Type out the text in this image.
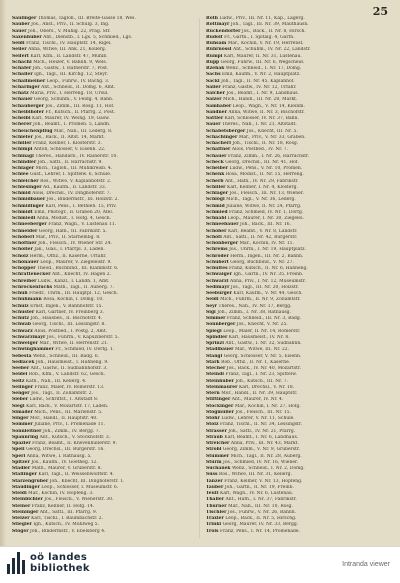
25
Saulinger Thomas, Taglöh., III. Breite-Gasse 18, Wes.
Sauber Jos., Anst., Priv., II. Schulg. 3, Ing.
Sauer Joh., Obers., V. Mühlg. 22, Prag. Str.
Saxenhuber Ant., Dienstb., I. Lgs. 5, Schmied., Lgs.
Seidl Franz, Tischl., IV. Hauptstr. 14, Rigel.
Seiler Anna, Witwe, III. Ank. 21, Kollerg.
Seifert Karl, Kfm., II. Landstr. 47, Mühlb.
Schachl Mich., Heizer, V. Bahnh. 9, Wels.
Schäfer Joh., Gastw., I. Hafnerstr. 7, Post.
Schaller Ign., Tagl., III. Kirchg. 12, Steyr.
Schallmeiner Leop., Fuhrw., IV. Bachg. 3.
Scharinger Ant., Schneid., II. Domg. 6, Amt.
Schatz Maria, Priv., I. Herreng. 18, Ursul.
Schauer Georg, Schuhm., V. Feldg. 4, Bahn.
Schauberger Jos., Zimm., III. Rosg. 11, Hof.
Scheiblhofer Fr., Kutsch., II. Pfarrg. 2, Post.
Scheibl Karl, Maurer, IV. Weing. 19, Gasw.
Scherer Joh., Beamt., I. Promen. 5, Landh.
Scheuchenpflug Mar., Näh., III. Lederg. 8.
Schiefer Jos., Bäck., II. Altst. 14, Markt.
Schiller Franz, Kellner, I. Klosterstr. 3.
Schimpl Anton, Schlosser, V. Eisenh. 22.
Schinagl Theres., Handarb., IV. Rainerstr. 10.
Schindler Joh., Sattl., II. Harrachstr. 9.
Schlager Mich., Taglöh., III. Mühlkreisb. 4.
Schlee Gust., Lehrer, I. Spittelw. 6, Schule.
Schleicher Ros., Witwe, V. Kaplanhofstr. 2.
Schlesinger Ad., Kaufm., II. Landstr. 33.
Schmid Alois, Drechsl., IV. Dinghoferstr. 7.
Schmidbauer Jos., Bindermstr., III. Holzstr. 2.
Schmidinger Karl, Pens., I. Bethleh. 15, Priv.
Schmidt Emil, Photogr., II. Graben 20, Atel.
Schmiedl Anna, Modist., I. Hofg. 4, Gesch.
Schneeberger Franz, Wagn., V. Lustenau 11.
Schneider Georg, Hafn., III. Fabrikstr. 5.
Schöberl Mar., Priv., II. Starhembg. 8.
Schöftner Joh., Fleisch., IV. Wiener Str. 24.
Schöller Jak., Glas., I. Pfarrpl. 3, Laden.
Scholz Herm., Offiz., II. Kaserne, Urfahr.
Schönauer Leop., Maurer, V. Ziegeleistr. 9.
Schopper Theod., Buchbind., III. Klammstr. 6.
Schrattenecker Ant., Knecht, IV. Hagen 2.
Schreiber Ludw., Kanzl., I. Landh. 1, Amt.
Schröckenfuchs Math., Tagl., II. Auberg. 7.
Schuh Friedr., Uhrm., III. Hauptpl. 12, Gesch.
Schuhmann Rosa, Köchin, I. Domg. 10.
Schulz Ernst, Ingen., V. Bahnhofstr. 15.
Schuster Karl, Gärtner, IV. Freinberg 3.
Schütz Joh., Hausbes., II. Bischofstr. 4.
Schwab Georg, Tischl., III. Lessingstr. 8.
Schwarz Alois, Postbed., I. Postg. 2, Amt.
Schwarzmayr Jos., Fuhrm., V. Kapuzinerstr. 5.
Schweiger Mar., Witwe, II. Herrenstr. 21.
Schwinghammer Fr., Schmied, IV. Dorfg. 1.
Sebesta Wenz., Schneid., III. Badg. 6.
Sedlacek Joh., Hausmeist., I. Hahneng. 9.
Seeber Ant., Gastw., II. Südbahnhofstr. 3.
Seidel Rob., Kfm., V. Landstr. 62, Gesch.
Seitz Kath., Näh., III. Kellerg. 4.
Selinger Franz, Maler, IV. Römerstr. 13.
Senger Jos., Tagl., II. Zollamtstr. 2.
Sieber Ludw., Schriftst., I. Altstadt 8.
Siegl Karl, Bäck., V. Mozartstr. 17, Laden.
Simader Mich., Pens., III. Marienstr. 5.
Singer Mor., Händl., II. Hauptstr. 40.
Sommer Juliane, Priv., I. Promenade 11.
Sonnleitner Joh., Zimm., IV. Bergg. 7.
Spannring Ant., Kutsch., V. Stockhofstr. 3.
Spazier Franz, Beamt., II. Khevenhüllerstr. 9.
Speil Georg, Drechsl., III. Bürgerstr. 16.
Sperl Anna, Witwe, I. Rathausg. 5.
Spitzer Jos., Kaufm., IV. Goetheg. 12.
Stadler Math., Maurer, V. Gruberstr. 8.
Stallinger Karl, Tagl., II. Weissenwolffstr. 4.
Starzengruber Joh., Knecht, III. Dinghoferstr. 1.
Staudinger Leop., Schlosser, I. Museumstr. 6.
Steidl Mar., Köchin, IV. Hopfeng. 3.
Steinbichler Jos., Fleisch., V. Wienerstr. 30.
Steiner Franz, Kellner, II. Hofg. 14.
Steininger Ant., Sattl., III. Pfarrg. 9.
Stelzer Karl, Tischl., I. Baumbachstr. 2.
Stiegler Ign., Kutsch., IV. Mühlweg 5.
Stöger Joh., Bindermstr., V. Ebelsberg 4.
Roth Ludw., Priv., III. Nr. 11, Kap., Lagerg.
Rottmayr Joh., Tagl., III. Nr. 39, Mauthausn.
Ruckendorfer Jos., Bäck., II. Nr. 8, Hirsch.
Rudolf Fr., Gärtn., I. Spitalg. 4, Gärtn.
Ruhsam Mar., Köchin, V. Nr. 19, Herrenst.
Rührnössl Ant., Schuhm., IV. Nr. 22, Landstr.
Rumpl Karl, Maurer, II. Nr. 31, Lustenau.
Rupp Georg, Fuhrw., III. Nr. 6, Wegscheid.
Rzehak Wenz., Schneid., I. Nr. 17, Domg.
Sachs Emil, Kaufm., V. Nr. 2, Hauptplatz.
Sackl Joh., Tagl., II. Nr. 45, Kaplanhof.
Sailer Franz, Gastw., IV. Nr. 12, Urfahr.
Salcher Jos., Beamt., I. Nr. 9, Landhaus.
Salzer Mich., Händl., III. Nr. 28, Markt.
Samhaber Leop., Wagn., V. Nr. 14, Kleinm.
Sandner Anna, Witwe, II. Nr. 3, Bischofstr.
Sattler Karl, Schlosser, IV. Nr. 37, Bahn.
Sauer Theres., Näh., I. Nr. 21, Altstadt.
Schabetsberger Jos., Knecht, III. Nr. 5.
Schachinger Mar., Priv., V. Nr. 33, Graben.
Schacherl Joh., Tischl., II. Nr. 18, Rosg.
Schaffner Alois, Postbed., IV. Nr. 7.
Schauer Franz, Zimm., I. Nr. 26, Harrachstr.
Scheck Georg, Drechsl., III. Nr. 41, Hof.
Scheiber Ludw., Pens., V. Nr. 10, Promen.
Schenk Rosa, Modist., II. Nr. 15, Herreng.
Scherb Ant., Hafn., IV. Nr. 29, Fabrikstr.
Schiller Karl, Kellner, I. Nr. 4, Klosterg.
Schlager Jos., Fleisch., III. Nr. 13, Wiener.
Schlögl Mich., Tagl., V. Nr. 36, Lederg.
Schmid Juliane, Witwe, II. Nr. 24, Pfarrg.
Schmied Franz, Schmied, IV. Nr. 1, Dorfg.
Schnabl Leop., Maurer, I. Nr. 30, Ziegelei.
Schneebauer Joh., Bäck., III. Nr. 16.
Schober Karl, Beamt., V. Nr. 8, Landstr.
Schöfl Ant., Sattl., II. Nr. 42, Bürgerstr.
Schönberger Mar., Köchin, IV. Nr. 11.
Schrems Jos., Uhrm., I. Nr. 19, Hauptplatz.
Schröder Herm., Ingen., III. Nr. 2, Bahnh.
Schubert Georg, Buchbind., V. Nr. 27.
Schultes Franz, Kutsch., II. Nr. 6, Hahneng.
Schwaiger Ign., Gärtn., IV. Nr. 35, Freinb.
Schwarzl Anna, Priv., I. Nr. 12, Museumstr.
Sedlmayr Jos., Tagl., III. Nr. 20, Holzstr.
Seeburger Karl, Kaufm., V. Nr. 44, Gesch.
Seidl Mich., Fuhrm., II. Nr. 9, Zollamtstr.
Seyr Theres., Näh., IV. Nr. 17, Bergg.
Sigl Joh., Zimm., I. Nr. 38, Rathausg.
Simmer Franz, Schneid., III. Nr. 3, Badg.
Sonnberger Jos., Knecht, V. Nr. 25.
Spiegl Leop., Maler, II. Nr. 14, Römerstr.
Spindler Karl, Hausmeist., IV. Nr. 8.
Sprinzl Ant., Gastw., I. Nr. 32, Südbahnh.
Stadlbauer Mar., Witwe, III. Nr. 22.
Stangl Georg, Schlosser, V. Nr. 5, Eisenh.
Stark Rob., Offiz., II. Nr. 1, Kaserne.
Stecher Jos., Bäck., IV. Nr. 40, Mozartstr.
Steindl Franz, Tagl., I. Nr. 23, Spittelw.
Steinhuber Joh., Kutsch., III. Nr. 7.
Steinmaurer Karl, Drechsl., V. Nr. 18.
Stern Mor., Händl., II. Nr. 39, Hauptstr.
Stiftinger Ant., Maurer, IV. Nr. 4.
Stockinger Mar., Köchin, I. Nr. 27, Hofg.
Stögmüller Jos., Fleisch., III. Nr. 15.
Stöhr Ludw., Lehrer, V. Nr. 11, Schule.
Stolz Franz, Tischl., II. Nr. 34, Lessingstr.
Strasser Joh., Sattl., IV. Nr. 21, Pfarrg.
Straub Karl, Beamt., I. Nr. 6, Landhaus.
Streicher Anna, Priv., III. Nr. 43, Markt.
Strobl Georg, Zimm., V. Nr. 9, Gruberstr.
Stummer Mich., Tagl., II. Nr. 28, Auberg.
Sturm Jos., Schmied, IV. Nr. 16, Wiener.
Suchanek Wenz., Schneid., I. Nr. 2, Domg.
Süss Ros., Witwe, III. Nr. 31, Kellerg.
Tanzer Franz, Kellner, V. Nr. 13, Hopfeng.
Tauber Joh., Gärtn., II. Nr. 19, Freinb.
Teufl Karl, Wagn., IV. Nr. 6, Lustenau.
Thaller Ant., Hafn., I. Nr. 37, Fabrikstr.
Thurner Mar., Näh., III. Nr. 10, Rosg.
Tischler Jos., Fuhrw., V. Nr. 26, Bahnh.
Traxler Leop., Bäck., II. Nr. 5, Hirschg.
Trinkl Georg, Maurer, IV. Nr. 33, Bergg.
Tröls Franz, Pens., I. Nr. 14, Promenade.
oö landes
bibliothek	Intranda viewer
